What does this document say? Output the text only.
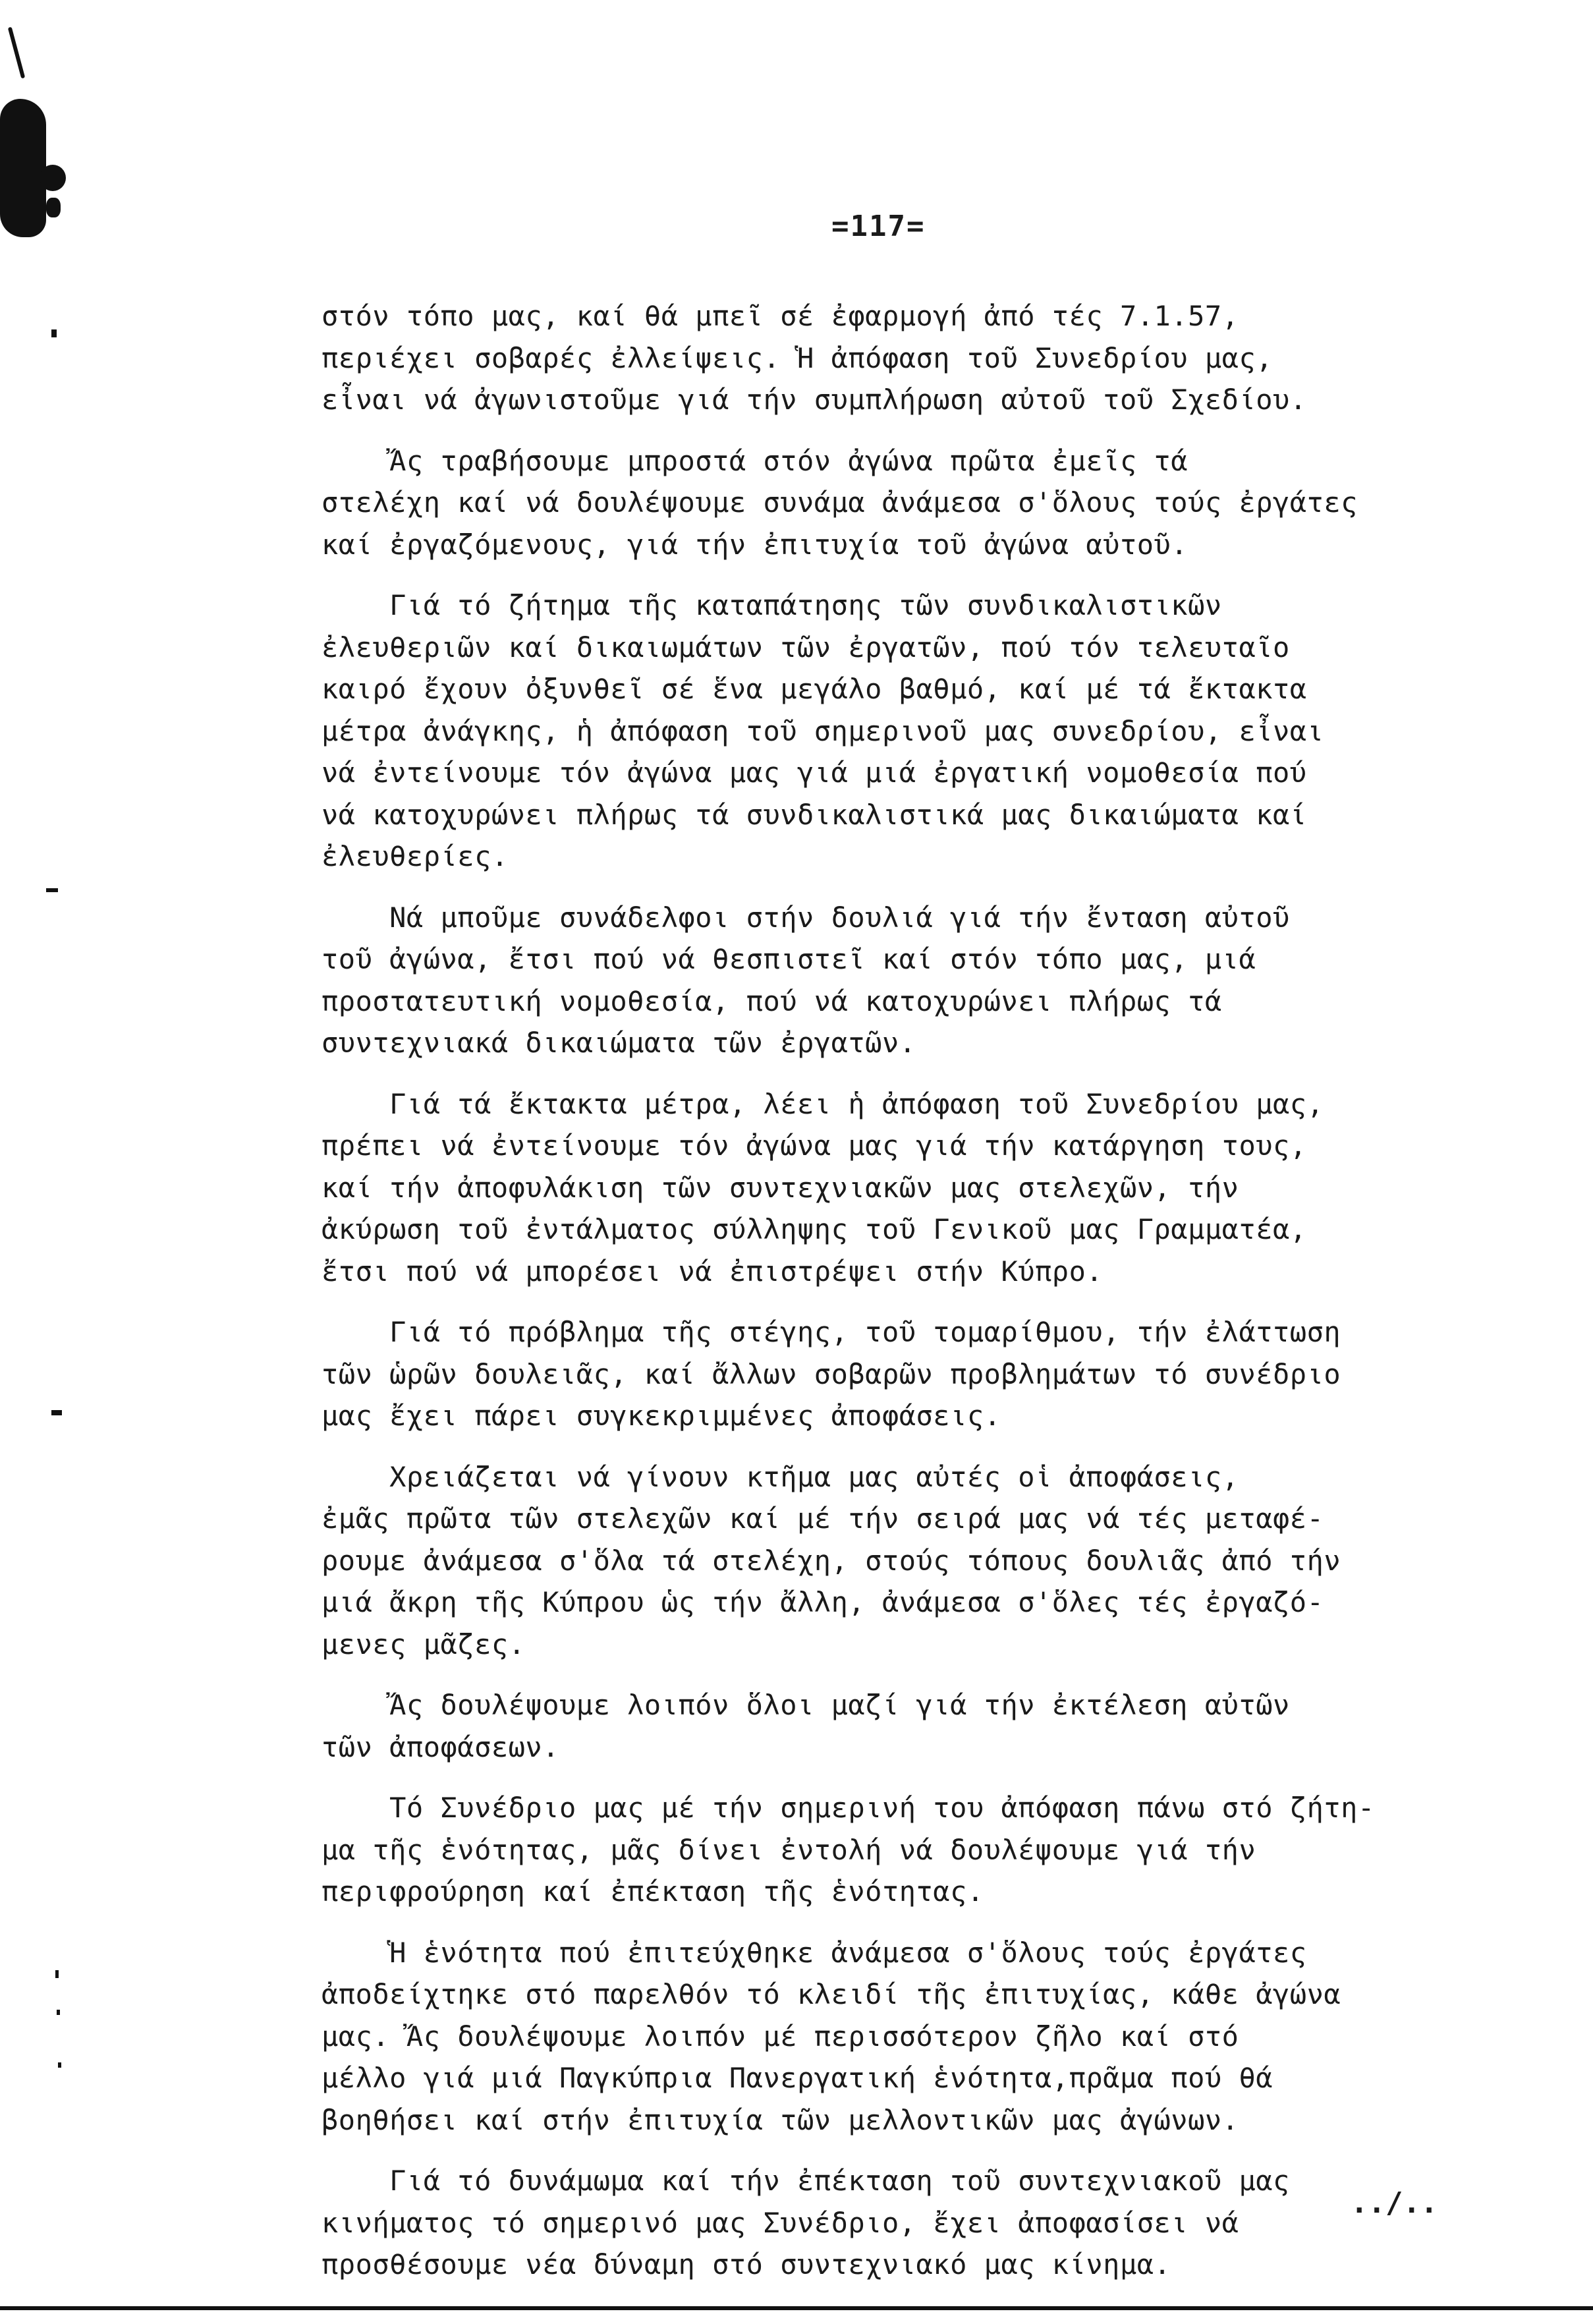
=117=
στόν τόπο μας, καί θά μπεῖ σέ ἐφαρμογή ἀπό τές 7.1.57,
περιέχει σοβαρές ἐλλείψεις. Ἡ ἀπόφαση τοῦ Συνεδρίου μας,
εἶναι νά ἀγωνιστοῦμε γιά τήν συμπλήρωση αὐτοῦ τοῦ Σχεδίου.
Ἄς τραβήσουμε μπροστά στόν ἀγώνα πρῶτα ἐμεῖς τά
στελέχη καί νά δουλέψουμε συνάμα ἀνάμεσα σ'ὅλους τούς ἐργάτες
καί ἐργαζόμενους, γιά τήν ἐπιτυχία τοῦ ἀγώνα αὐτοῦ.
Γιά τό ζήτημα τῆς καταπάτησης τῶν συνδικαλιστικῶν
ἐλευθεριῶν καί δικαιωμάτων τῶν ἐργατῶν, πού τόν τελευταῖο
καιρό ἔχουν ὀξυνθεῖ σέ ἕνα μεγάλο βαθμό, καί μέ τά ἔκτακτα
μέτρα ἀνάγκης, ἡ ἀπόφαση τοῦ σημερινοῦ μας συνεδρίου, εἶναι
νά ἐντείνουμε τόν ἀγώνα μας γιά μιά ἐργατική νομοθεσία πού
νά κατοχυρώνει πλήρως τά συνδικαλιστικά μας δικαιώματα καί
ἐλευθερίες.
Νά μποῦμε συνάδελφοι στήν δουλιά γιά τήν ἔνταση αὐτοῦ
τοῦ ἀγώνα, ἔτσι πού νά θεσπιστεῖ καί στόν τόπο μας, μιά
προστατευτική νομοθεσία, πού νά κατοχυρώνει πλήρως τά
συντεχνιακά δικαιώματα τῶν ἐργατῶν.
Γιά τά ἔκτακτα μέτρα, λέει ἡ ἀπόφαση τοῦ Συνεδρίου μας,
πρέπει νά ἐντείνουμε τόν ἀγώνα μας γιά τήν κατάργηση τους,
καί τήν ἀποφυλάκιση τῶν συντεχνιακῶν μας στελεχῶν, τήν
ἀκύρωση τοῦ ἐντάλματος σύλληψης τοῦ Γενικοῦ μας Γραμματέα,
ἔτσι πού νά μπορέσει νά ἐπιστρέψει στήν Κύπρο.
Γιά τό πρόβλημα τῆς στέγης, τοῦ τομαρίθμου, τήν ἐλάττωση
τῶν ὡρῶν δουλειᾶς, καί ἄλλων σοβαρῶν προβλημάτων τό συνέδριο
μας ἔχει πάρει συγκεκριμμένες ἀποφάσεις.
Χρειάζεται νά γίνουν κτῆμα μας αὐτές οἱ ἀποφάσεις,
ἐμᾶς πρῶτα τῶν στελεχῶν καί μέ τήν σειρά μας νά τές μεταφέ-
ρουμε ἀνάμεσα σ'ὅλα τά στελέχη, στούς τόπους δουλιᾶς ἀπό τήν
μιά ἄκρη τῆς Κύπρου ὡς τήν ἄλλη, ἀνάμεσα σ'ὅλες τές ἐργαζό-
μενες μᾶζες.
Ἄς δουλέψουμε λοιπόν ὅλοι μαζί γιά τήν ἐκτέλεση αὐτῶν
τῶν ἀποφάσεων.
Τό Συνέδριο μας μέ τήν σημερινή του ἀπόφαση πάνω στό ζήτη-
μα τῆς ἑνότητας, μᾶς δίνει ἐντολή νά δουλέψουμε γιά τήν
περιφρούρηση καί ἐπέκταση τῆς ἑνότητας.
Ἡ ἑνότητα πού ἐπιτεύχθηκε ἀνάμεσα σ'ὅλους τούς ἐργάτες
ἀποδείχτηκε στό παρελθόν τό κλειδί τῆς ἐπιτυχίας, κάθε ἀγώνα
μας. Ἄς δουλέψουμε λοιπόν μέ περισσότερον ζῆλο καί στό
μέλλο γιά μιά Παγκύπρια Πανεργατική ἑνότητα,πρᾶμα πού θά
βοηθήσει καί στήν ἐπιτυχία τῶν μελλοντικῶν μας ἀγώνων.
Γιά τό δυνάμωμα καί τήν ἐπέκταση τοῦ συντεχνιακοῦ μας
κινήματος τό σημερινό μας Συνέδριο, ἔχει ἀποφασίσει νά
προσθέσουμε νέα δύναμη στό συντεχνιακό μας κίνημα.
../..
